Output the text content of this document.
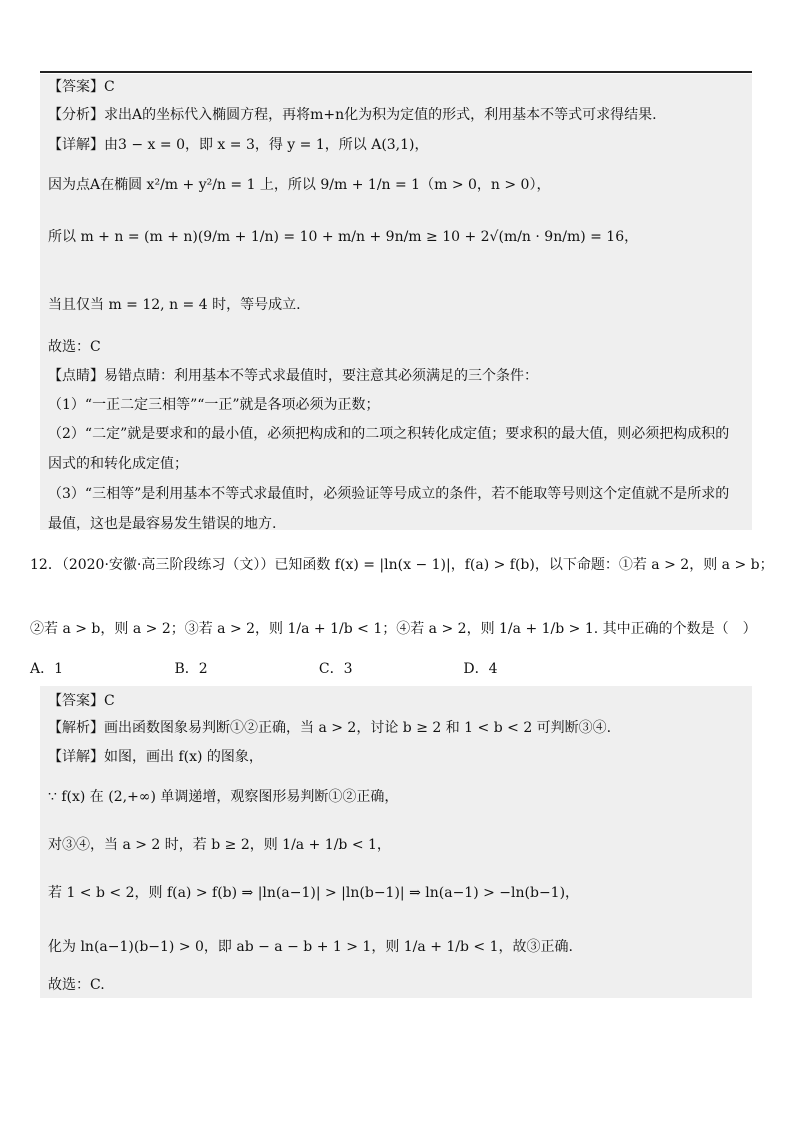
【答案】C
【分析】求出A的坐标代入椭圆方程，再将m+n化为积为定值的形式，利用基本不等式可求得结果.
【详解】由3 − x = 0，即 x = 3，得 y = 1，所以 A(3,1)，
因为点A在椭圆 x²/m + y²/n = 1 上，所以 9/m + 1/n = 1（m > 0，n > 0），
所以 m + n = (m + n)(9/m + 1/n) = 10 + m/n + 9n/m ≥ 10 + 2√(m/n · 9n/m) = 16，
当且仅当 m = 12, n = 4 时，等号成立.
故选：C
【点睛】易错点睛：利用基本不等式求最值时，要注意其必须满足的三个条件：
（1）“一正二定三相等”“一正”就是各项必须为正数；
（2）“二定”就是要求和的最小值，必须把构成和的二项之积转化成定值；要求积的最大值，则必须把构成积的
因式的和转化成定值；
（3）“三相等”是利用基本不等式求最值时，必须验证等号成立的条件，若不能取等号则这个定值就不是所求的
最值，这也是最容易发生错误的地方.
12．（2020·安徽·高三阶段练习（文））已知函数 f(x) = |ln(x − 1)|，f(a) > f(b)，以下命题：①若 a > 2，则 a > b；
②若 a > b，则 a > 2；③若 a > 2，则 1/a + 1/b < 1；④若 a > 2，则 1/a + 1/b > 1. 其中正确的个数是（　）
A．1	B．2	C．3	D．4
【答案】C
【解析】画出函数图象易判断①②正确，当 a > 2，讨论 b ≥ 2 和 1 < b < 2 可判断③④.
【详解】如图，画出 f(x) 的图象，
∵ f(x) 在 (2,+∞) 单调递增，观察图形易判断①②正确，
对③④，当 a > 2 时，若 b ≥ 2，则 1/a + 1/b < 1，
若 1 < b < 2，则 f(a) > f(b) ⇒ |ln(a−1)| > |ln(b−1)| ⇒ ln(a−1) > −ln(b−1)，
化为 ln(a−1)(b−1) > 0，即 ab − a − b + 1 > 1，则 1/a + 1/b < 1，故③正确.
故选：C.
